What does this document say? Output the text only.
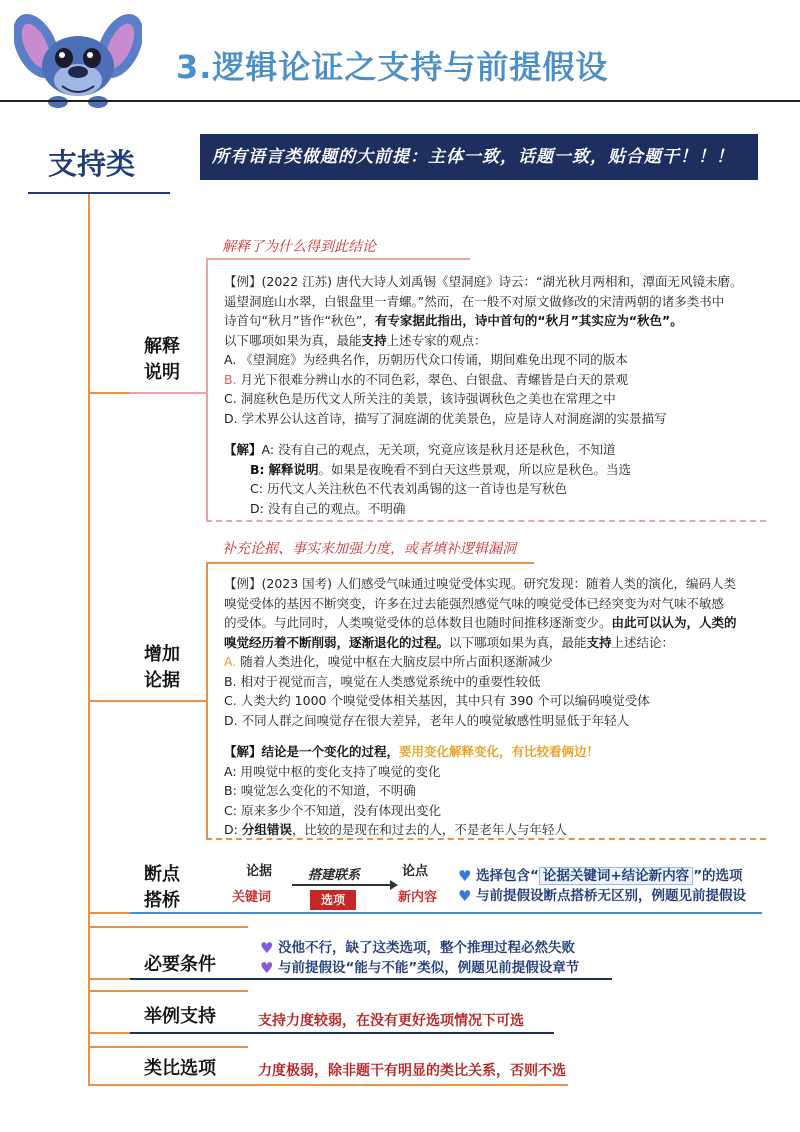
3.逻辑论证之支持与前提假设
支持类	所有语言类做题的大前提：主体一致，话题一致，贴合题干！！！
解释
说明
解释了为什么得到此结论
【例】(2022 江苏) 唐代大诗人刘禹锡《望洞庭》诗云：“湖光秋月两相和，潭面无风镜未磨。
遥望洞庭山水翠，白银盘里一青螺。”然而，在一般不对原文做修改的宋清两朝的诸多类书中
诗首句“秋月”皆作“秋色”，有专家据此指出，诗中首句的“秋月”其实应为“秋色”。
以下哪项如果为真，最能支持上述专家的观点：
A. 《望洞庭》为经典名作，历朝历代众口传诵，期间难免出现不同的版本
B. 月光下很难分辨山水的不同色彩，翠色、白银盘、青螺皆是白天的景观
C. 洞庭秋色是历代文人所关注的美景，该诗强调秋色之美也在常理之中
D. 学术界公认这首诗，描写了洞庭湖的优美景色，应是诗人对洞庭湖的实景描写
【解】A: 没有自己的观点，无关项，究竟应该是秋月还是秋色，不知道

B: 解释说明。如果是夜晚看不到白天这些景观，所以应是秋色。当选
C: 历代文人关注秋色不代表刘禹锡的这一首诗也是写秋色
D: 没有自己的观点。不明确
增加
论据
补充论据、事实来加强力度，或者填补逻辑漏洞
【例】(2023 国考) 人们感受气味通过嗅觉受体实现。研究发现：随着人类的演化，编码人类
嗅觉受体的基因不断突变，许多在过去能强烈感觉气味的嗅觉受体已经突变为对气味不敏感
的受体。与此同时，人类嗅觉受体的总体数目也随时间推移逐渐变少。由此可以认为，人类的
嗅觉经历着不断削弱，逐渐退化的过程。以下哪项如果为真，最能支持上述结论：
A. 随着人类进化，嗅觉中枢在大脑皮层中所占面积逐渐减少
B. 相对于视觉而言，嗅觉在人类感觉系统中的重要性较低
C. 人类大约 1000 个嗅觉受体相关基因，其中只有 390 个可以编码嗅觉受体
D. 不同人群之间嗅觉存在很大差异，老年人的嗅觉敏感性明显低于年轻人
【解】结论是一个变化的过程，要用变化解释变化，有比较看俩边！
A: 用嗅觉中枢的变化支持了嗅觉的变化
B: 嗅觉怎么变化的不知道，不明确
C: 原来多少个不知道，没有体现出变化
D: 分组错误，比较的是现在和过去的人，不是老年人与年轻人
断点
搭桥
论据
关键词
搭建联系
选项
论点
新内容
♥ 选择包含“ 论据关键词+结论新内容 ”的选项
♥ 与前提假设断点搭桥无区别，例题见前提假设
必要条件
♥ 没他不行，缺了这类选项，整个推理过程必然失败
♥ 与前提假设“能与不能”类似，例题见前提假设章节
举例支持	支持力度较弱，在没有更好选项情况下可选
类比选项	力度极弱，除非题干有明显的类比关系，否则不选
